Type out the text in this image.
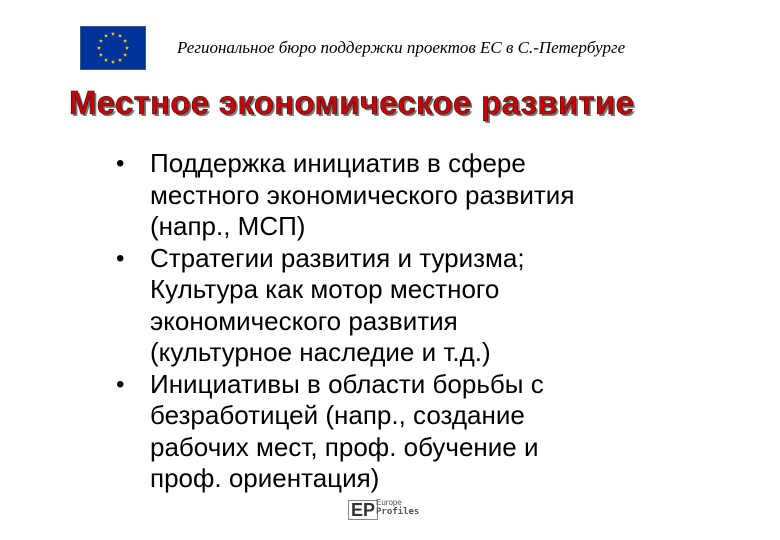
Региональное бюро поддержки проектов ЕС в С.-Петербурге
Местное экономическое развитие
• Поддержка инициатив в сфере
местного экономического развития
(напр., МСП)
• Стратегии развития и туризма;
Культура как мотор местного
экономического развития
(культурное наследие и т.д.)
• Инициативы в области борьбы с
безработицей (напр., создание
рабочих мест, проф. обучение и
проф. ориентация)
EP Europe
Profiles
